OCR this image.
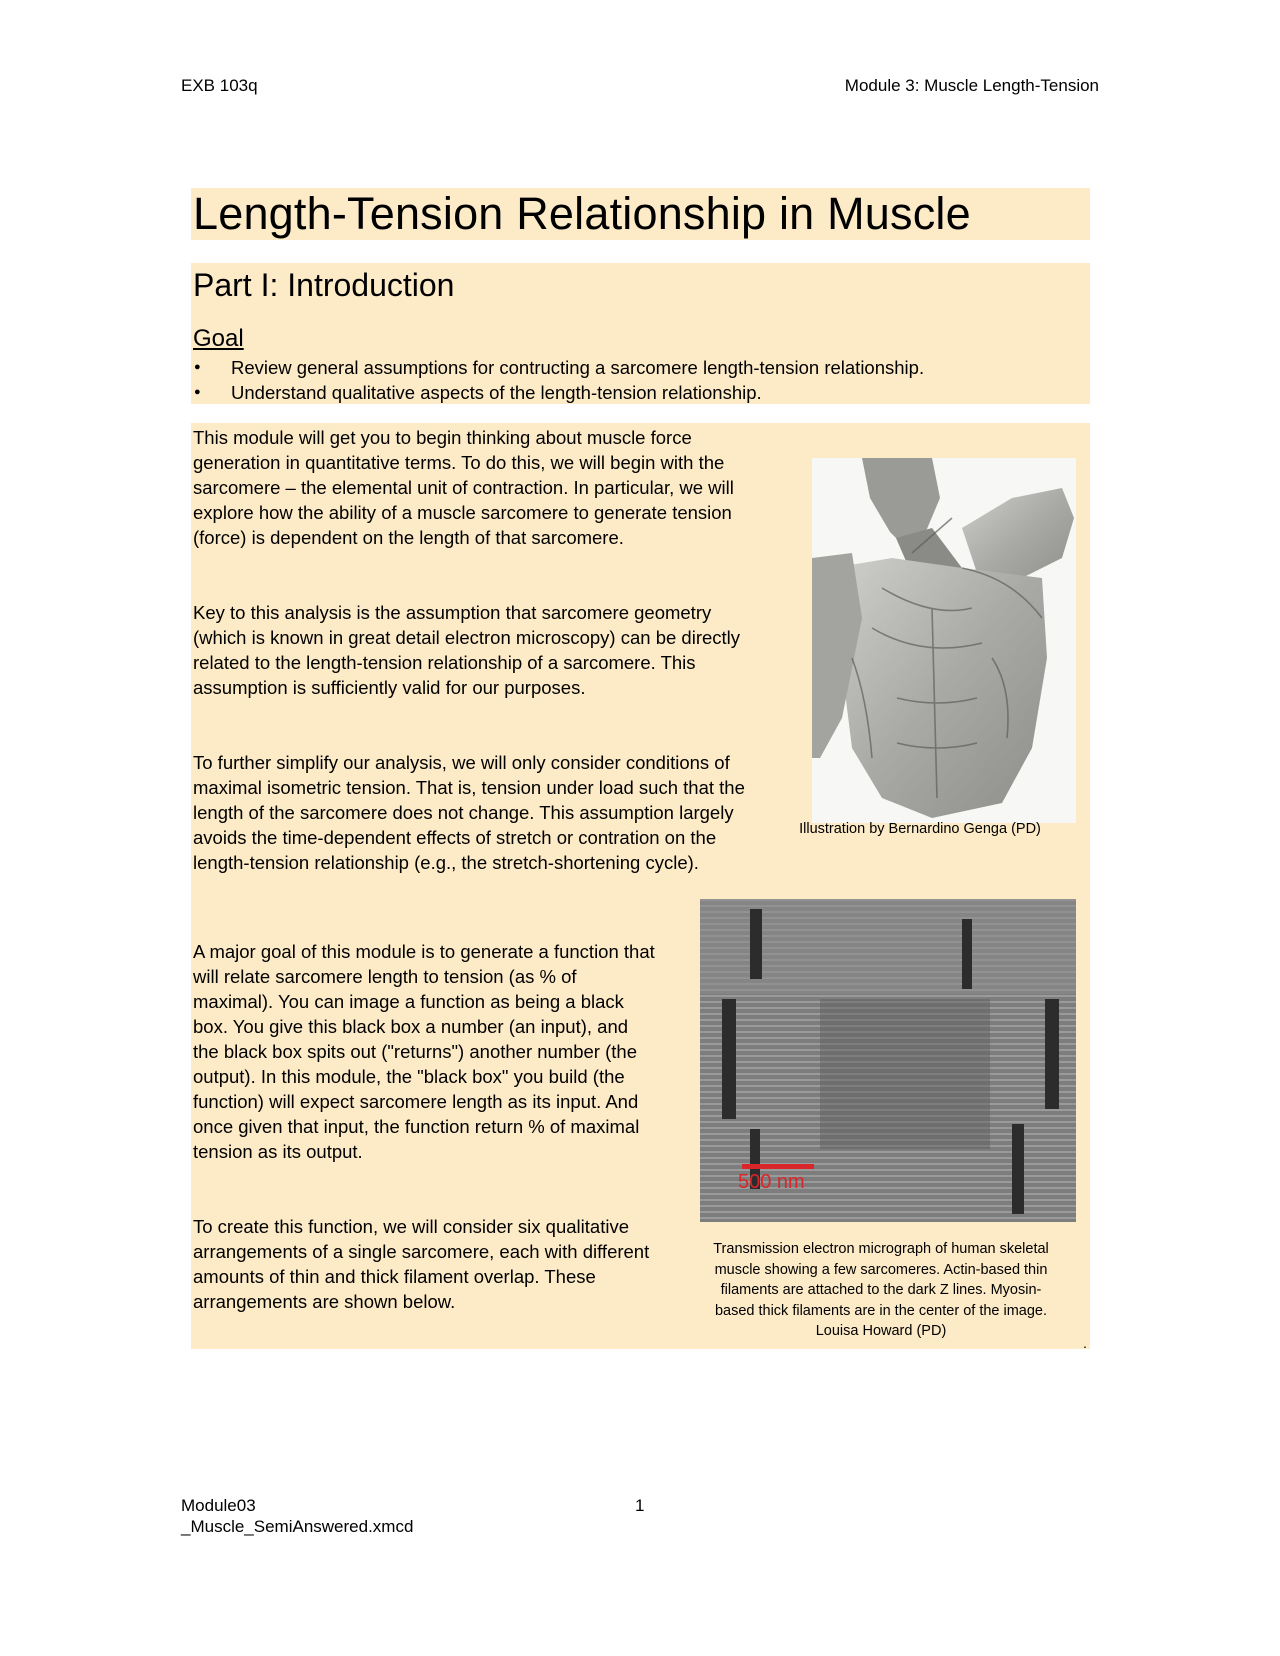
EXB 103q	Module 3: Muscle Length-Tension
Length-Tension Relationship in Muscle
Part I: Introduction
Goal
● Review general assumptions for contructing a sarcomere length-tension relationship.
● Understand qualitative aspects of the length-tension relationship.

This module will get you to begin thinking about muscle force generation in quantitative terms. To do this, we will begin with the sarcomere – the elemental unit of contraction. In particular, we will explore how the ability of a muscle sarcomere to generate tension (force) is dependent on the length of that sarcomere.

Key to this analysis is the assumption that sarcomere geometry (which is known in great detail electron microscopy) can be directly related to the length-tension relationship of a sarcomere. This assumption is sufficiently valid for our purposes.

To further simplify our analysis, we will only consider conditions of maximal isometric tension. That is, tension under load such that the length of the sarcomere does not change. This assumption largely avoids the time-dependent effects of stretch or contration on the length-tension relationship (e.g., the stretch-shortening cycle).

A major goal of this module is to generate a function that will relate sarcomere length to tension (as % of maximal). You can image a function as being a black box. You give this black box a number (an input), and the black box spits out ("returns") another number (the output). In this module, the "black box" you build (the function) will expect sarcomere length as its input. And once given that input, the function return % of maximal tension as its output.

To create this function, we will consider six qualitative arrangements of a single sarcomere, each with different amounts of thin and thick filament overlap. These arrangements are shown below.

Illustration by Bernardino Genga (PD)
500 nm
Transmission electron micrograph of human skeletal muscle showing a few sarcomeres. Actin-based thin filaments are attached to the dark Z lines. Myosin-based thick filaments are in the center of the image. Louisa Howard (PD)
.
Module03 _Muscle_SemiAnswered.xmcd
1
